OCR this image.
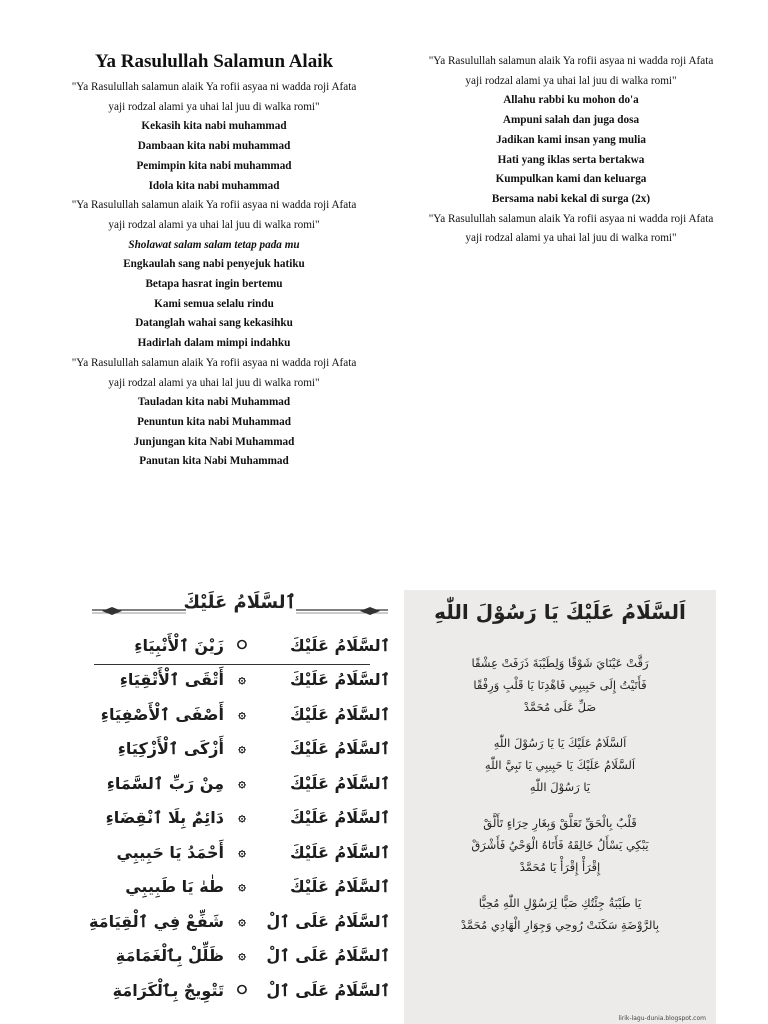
Ya Rasulullah Salamun Alaik
"Ya Rasulullah salamun alaik Ya rofii asyaa ni wadda roji Afata
yaji rodzal alami ya uhai lal juu di walka romi"
Kekasih kita nabi muhammad
Dambaan kita nabi muhammad
Pemimpin kita nabi muhammad
Idola kita nabi muhammad
"Ya Rasulullah salamun alaik Ya rofii asyaa ni wadda roji Afata
yaji rodzal alami ya uhai lal juu di walka romi"
Sholawat salam salam tetap pada mu
Engkaulah sang nabi penyejuk hatiku
Betapa hasrat ingin bertemu
Kami semua selalu rindu
Datanglah wahai sang kekasihku
Hadirlah dalam mimpi indahku
"Ya Rasulullah salamun alaik Ya rofii asyaa ni wadda roji Afata
yaji rodzal alami ya uhai lal juu di walka romi"
Tauladan kita nabi Muhammad
Penuntun kita nabi Muhammad
Junjungan kita Nabi Muhammad
Panutan kita Nabi Muhammad
"Ya Rasulullah salamun alaik Ya rofii asyaa ni wadda roji Afata
yaji rodzal alami ya uhai lal juu di walka romi"
Allahu rabbi ku mohon do'a
Ampuni salah dan juga dosa
Jadikan kami insan yang mulia
Hati yang iklas serta bertakwa
Kumpulkan kami dan keluarga
Bersama nabi kekal di surga (2x)
"Ya Rasulullah salamun alaik Ya rofii asyaa ni wadda roji Afata
yaji rodzal alami ya uhai lal juu di walka romi"
ٱلسَّلَامُ عَلَيْكَ
ٱلسَّلَامُ عَلَيْكَ
⭘
زَيْنَ ٱلْأَنْبِيَاءِ
ٱلسَّلَامُ عَلَيْكَ
۞
أَتْقَى ٱلْأَتْقِيَاءِ
ٱلسَّلَامُ عَلَيْكَ
۞
أَصْفَى ٱلْأَصْفِيَاءِ
ٱلسَّلَامُ عَلَيْكَ
۞
أَزْكَى ٱلْأَزْكِيَاءِ
ٱلسَّلَامُ عَلَيْكَ
۞
مِنْ رَبِّ ٱلسَّمَاءِ
ٱلسَّلَامُ عَلَيْكَ
۞
دَائِمٌ بِلَا ٱنْقِضَاءِ
ٱلسَّلَامُ عَلَيْكَ
۞
أَحْمَدُ يَا حَبِيبِي
ٱلسَّلَامُ عَلَيْكَ
۞
طٰهٰ يَا طَبِيبِي
ٱلسَّلَامُ عَلَى ٱلْ
۞
شَفِّعْ فِي ٱلْقِيَامَةِ
ٱلسَّلَامُ عَلَى ٱلْ
۞
ظَلِّلْ بِٱلْغَمَامَةِ
ٱلسَّلَامُ عَلَى ٱلْ
⭘
تَتْوِيجٌ بِٱلْكَرَامَةِ
اَلسَّلَامُ عَلَيْكَ يَا رَسُوْلَ اللّٰهِ
رَقَّتْ عَيْنَايَ شَوْقًا وَلِطَيْبَةَ ذَرَفَتْ عِشْقًا
فَأَتَيْتُ إِلَى حَبِيبِي فَاهْدِنَا يَا قَلْبِ وَرِفْقًا
صَلِّ عَلَى مُحَمَّدْ
اَلسَّلَامُ عَلَيْكَ يَا يَا رَسُوْلَ اللّٰهِ
اَلسَّلَامُ عَلَيْكَ يَا حَبِيبِي يَا نَبِيَّ اللّٰهِ
يَا رَسُوْلَ اللّٰهِ
قَلْبٌ بِالْحَقِّ تَعَلَّقْ وَبِغَارِ حِرَاءٍ تَأَلَّقْ
يَبْكِي يَسْأَلُ خَالِقَهُ فَأَتَاهُ الْوَحْيُ فَأَشْرَقْ
إِقْرَأْ إِقْرَأْ يَا مُحَمَّدْ
يَا طَيْبَةُ جِئْتُكِ صَبًّا لِرَسُوْلِ اللّٰهِ مُحِبًّا
بِالرَّوْضَةِ سَكَنَتْ رُوحِي وَجِوَارِ الْهَادِي مُحَمَّدْ
lirik-lagu-dunia.blogspot.com
